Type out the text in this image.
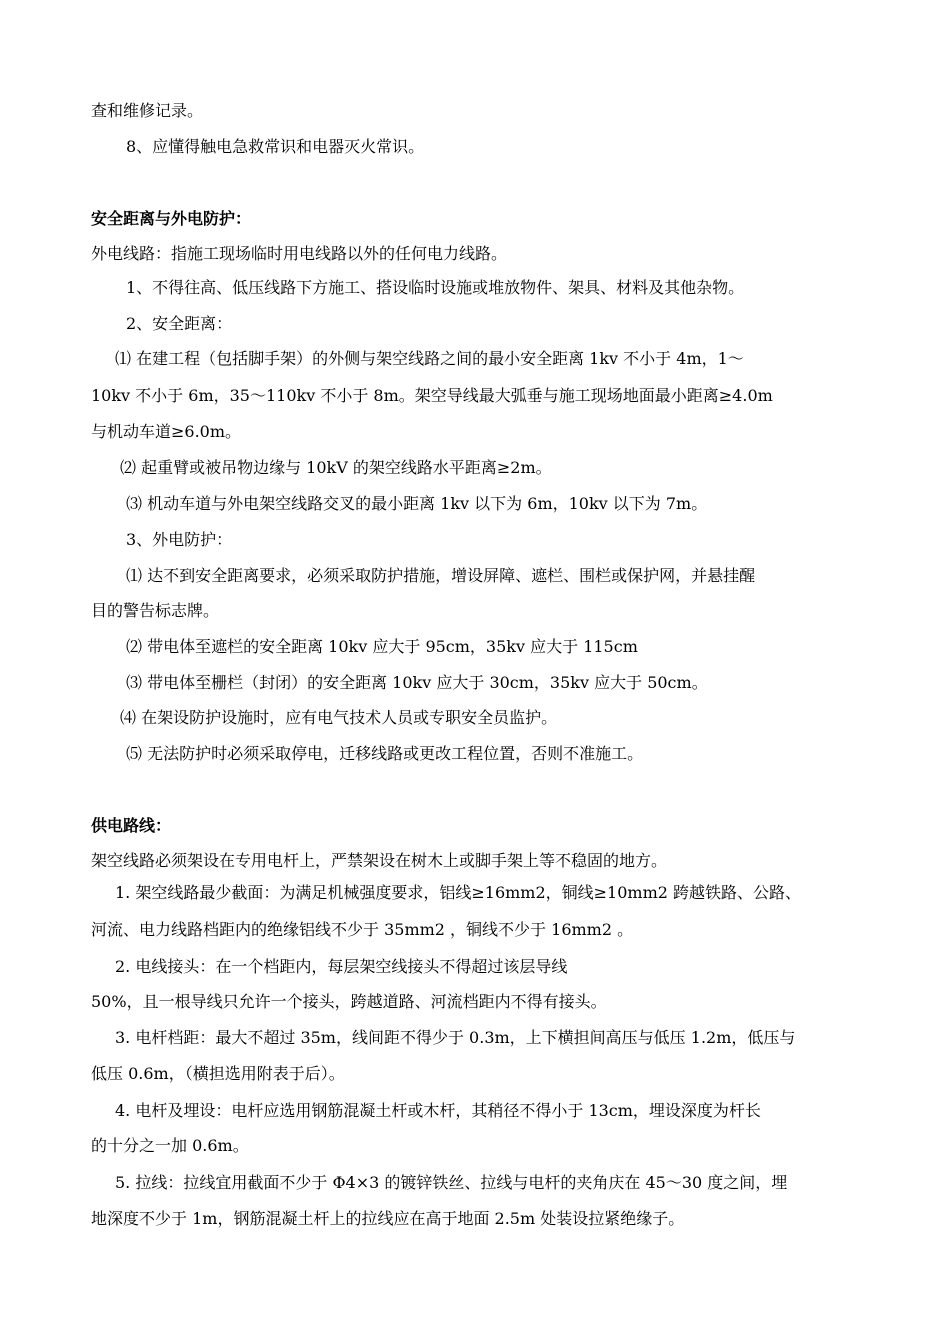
查和维修记录。
8、应懂得触电急救常识和电器灭火常识。
安全距离与外电防护：
外电线路：指施工现场临时用电线路以外的任何电力线路。
1、不得往高、低压线路下方施工、搭设临时设施或堆放物件、架具、材料及其他杂物。
2、安全距离：
⑴ 在建工程（包括脚手架）的外侧与架空线路之间的最小安全距离 1kv 不小于 4m，1～
10kv 不小于 6m，35～110kv 不小于 8m。架空导线最大弧垂与施工现场地面最小距离≥4.0m
与机动车道≥6.0m。
⑵ 起重臂或被吊物边缘与 10kV 的架空线路水平距离≥2m。
⑶ 机动车道与外电架空线路交叉的最小距离 1kv 以下为 6m，10kv 以下为 7m。
3、外电防护：
⑴ 达不到安全距离要求，必须采取防护措施，增设屏障、遮栏、围栏或保护网，并悬挂醒
目的警告标志牌。
⑵ 带电体至遮栏的安全距离 10kv 应大于 95cm，35kv 应大于 115cm
⑶ 带电体至栅栏（封闭）的安全距离 10kv 应大于 30cm，35kv 应大于 50cm。
⑷ 在架设防护设施时，应有电气技术人员或专职安全员监护。
⑸ 无法防护时必须采取停电，迁移线路或更改工程位置，否则不准施工。
供电路线：
架空线路必须架设在专用电杆上，严禁架设在树木上或脚手架上等不稳固的地方。
1. 架空线路最少截面：为满足机械强度要求，铝线≥16mm2，铜线≥10mm2 跨越铁路、公路、
河流、电力线路档距内的绝缘铝线不少于 35mm2 ，铜线不少于 16mm2 。
2. 电线接头：在一个档距内，每层架空线接头不得超过该层导线
50%，且一根导线只允许一个接头，跨越道路、河流档距内不得有接头。
3. 电杆档距：最大不超过 35m，线间距不得少于 0.3m，上下横担间高压与低压 1.2m，低压与
低压 0.6m，（横担选用附表于后）。
4. 电杆及埋设：电杆应选用钢筋混凝土杆或木杆，其稍径不得小于 13cm，埋设深度为杆长
的十分之一加 0.6m。
5. 拉线：拉线宜用截面不少于 Φ4×3 的镀锌铁丝、拉线与电杆的夹角庆在 45～30 度之间，埋
地深度不少于 1m，钢筋混凝土杆上的拉线应在高于地面 2.5m 处装设拉紧绝缘子。
